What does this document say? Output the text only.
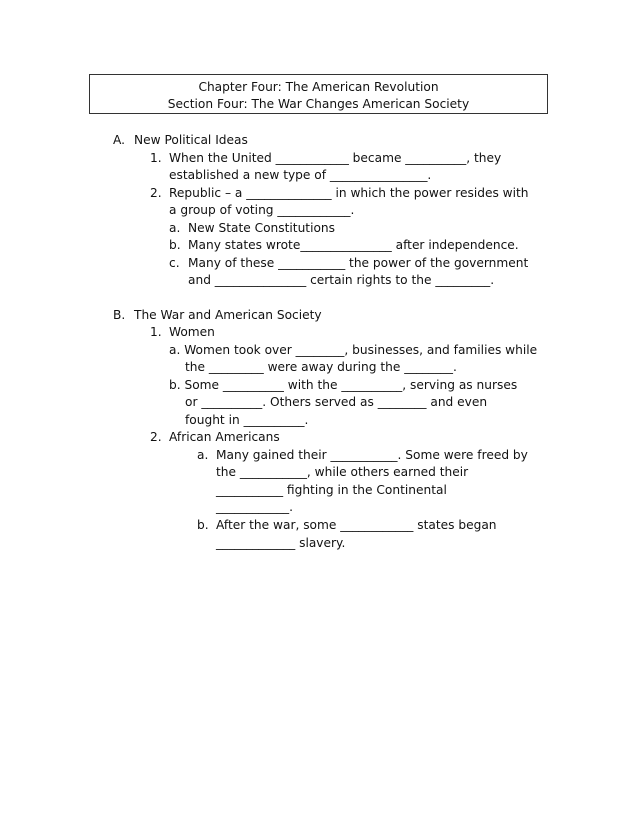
Chapter Four: The American Revolution
Section Four: The War Changes American Society
A. New Political Ideas
1. When the United ____________ became __________, they
established a new type of ________________.
2. Republic – a ______________ in which the power resides with
a group of voting ____________.
a. New State Constitutions
b. Many states wrote_______________ after independence.
c. Many of these ___________ the power of the government
and _______________ certain rights to the _________.
B. The War and American Society
1. Women
a. Women took over ________, businesses, and families while
the _________ were away during the ________.
b. Some __________ with the __________, serving as nurses
or __________. Others served as ________ and even
fought in __________.
2. African Americans
a. Many gained their ___________. Some were freed by
the ___________, while others earned their
___________ fighting in the Continental
____________.
b. After the war, some ____________ states began
_____________ slavery.
